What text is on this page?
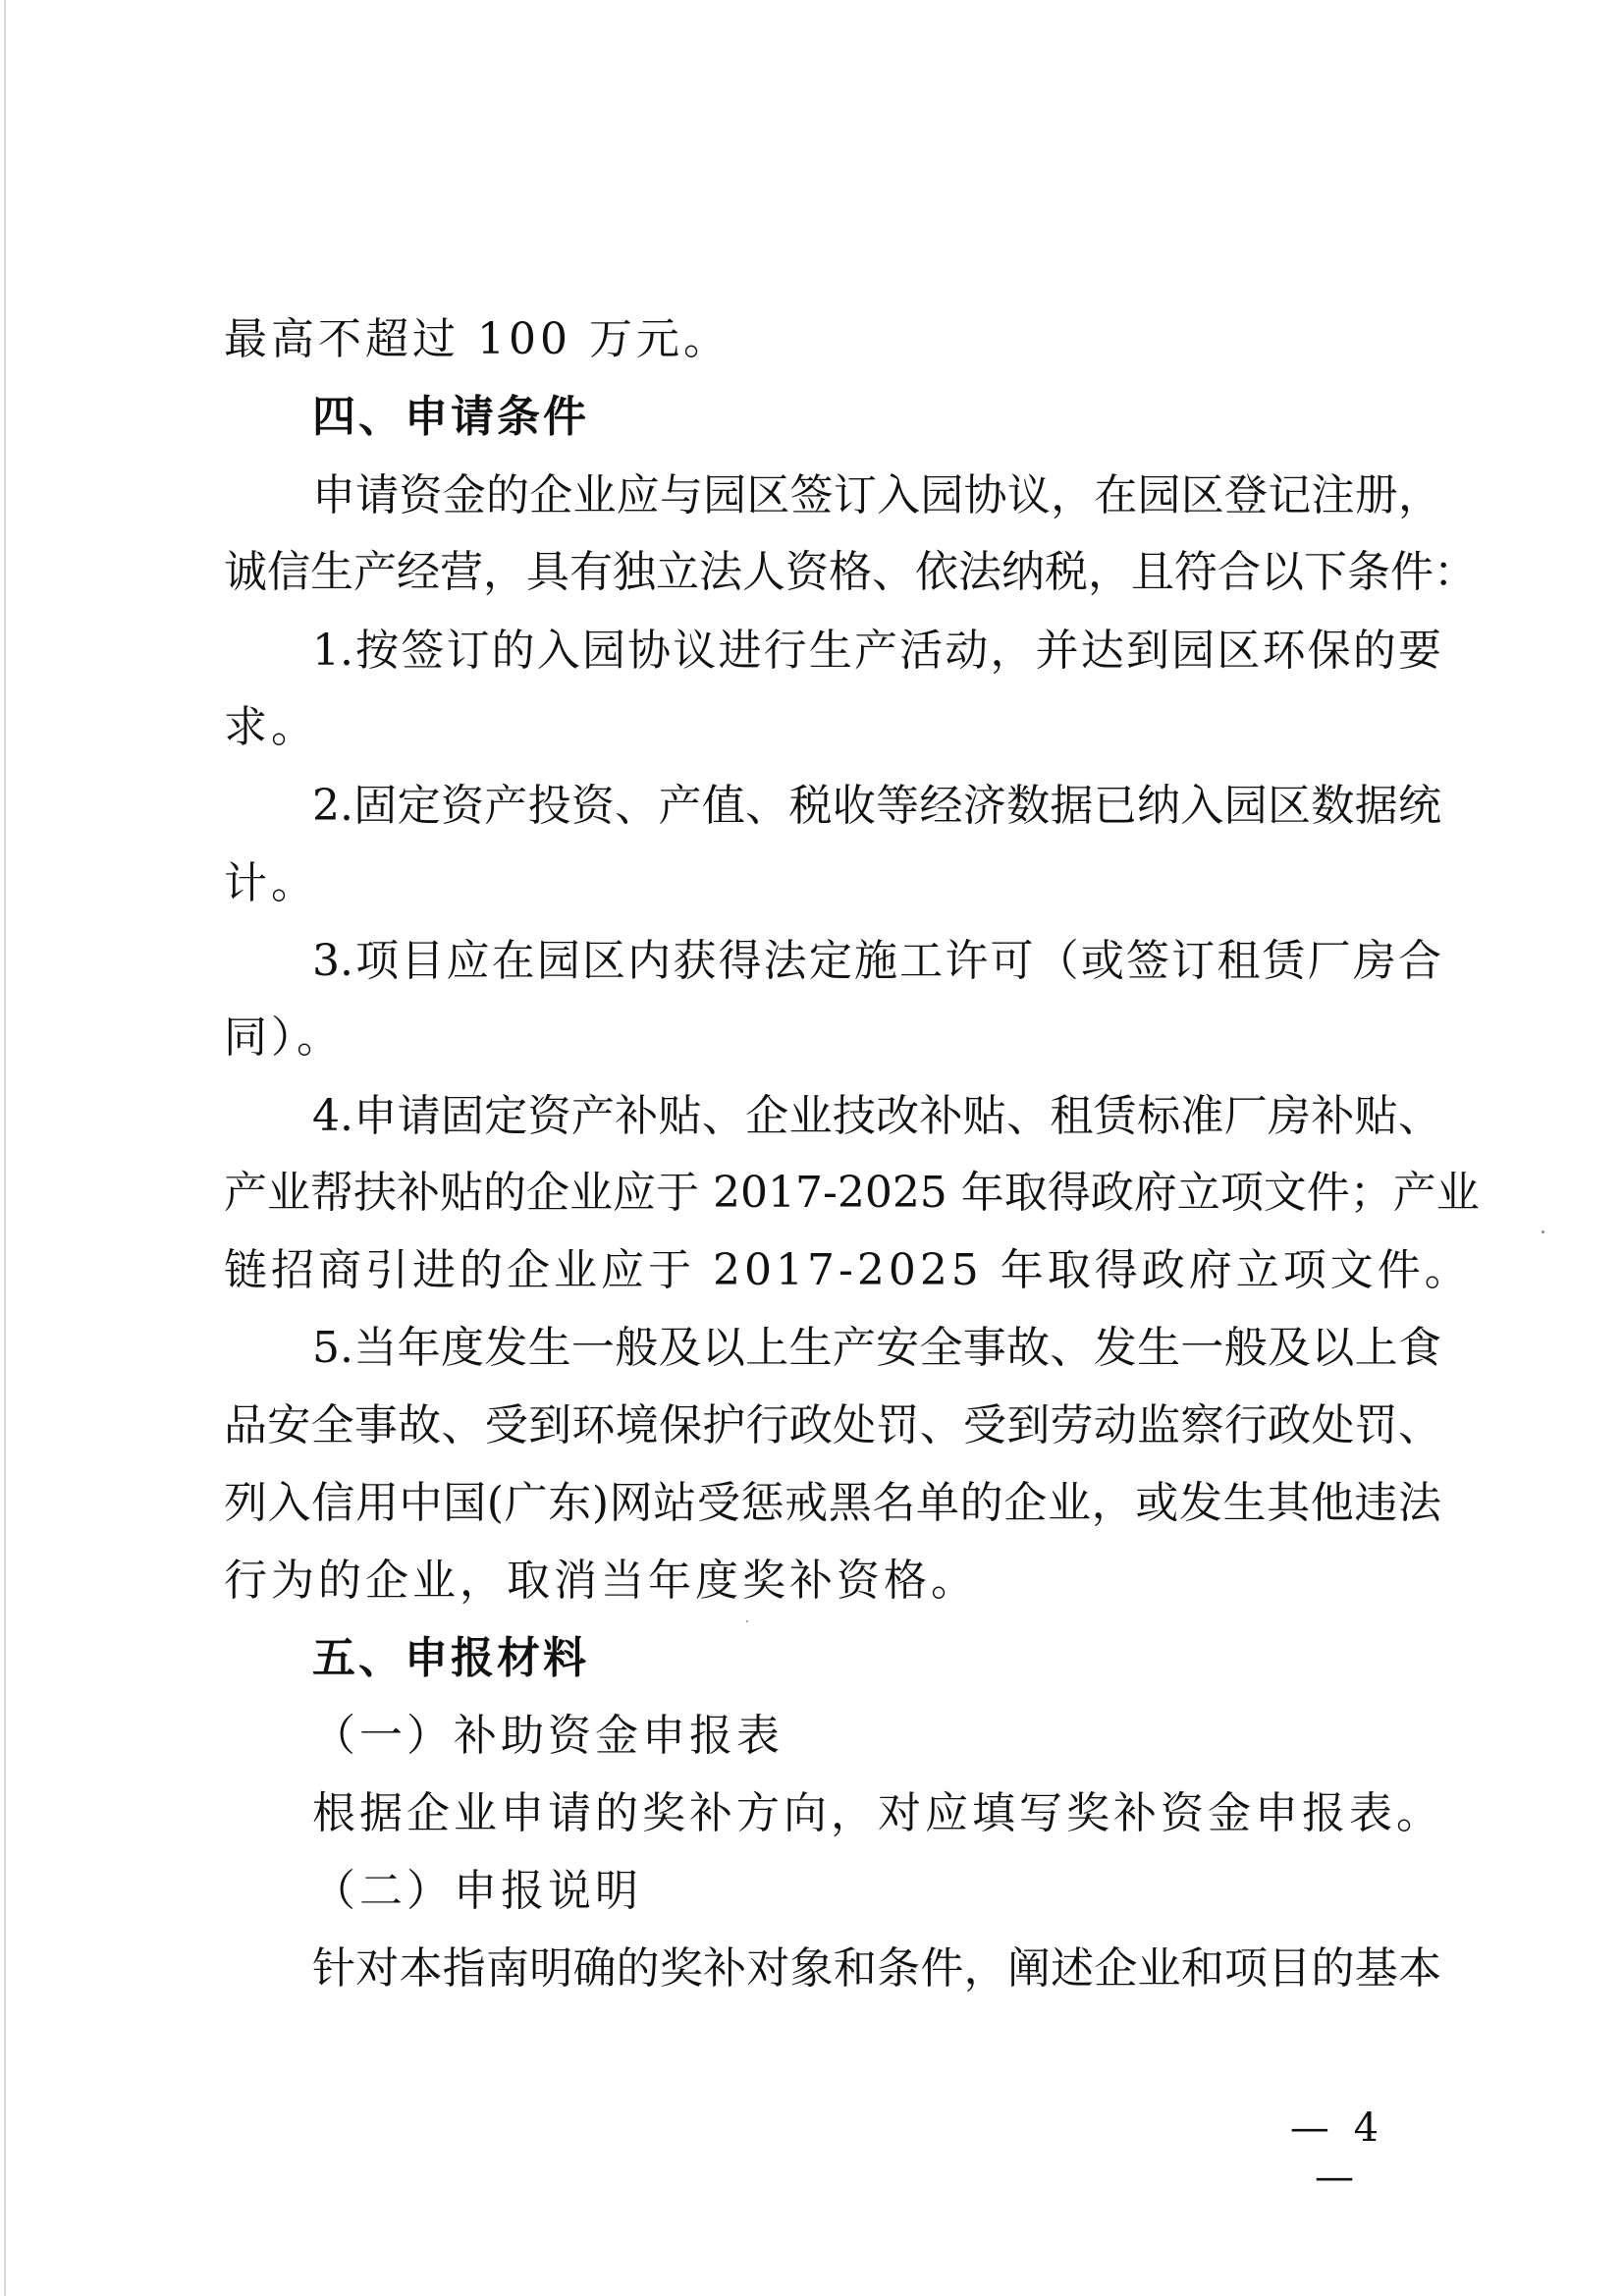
最高不超过 100 万元。
四、申请条件
申请资金的企业应与园区签订入园协议，在园区登记注册，
诚信生产经营，具有独立法人资格、依法纳税，且符合以下条件：
1.按签订的入园协议进行生产活动，并达到园区环保的要
求。
2.固定资产投资、产值、税收等经济数据已纳入园区数据统
计。
3.项目应在园区内获得法定施工许可（或签订租赁厂房合
同）。
4.申请固定资产补贴、企业技改补贴、租赁标准厂房补贴、
产业帮扶补贴的企业应于 2017-2025 年取得政府立项文件；产业
链招商引进的企业应于 2017-2025 年取得政府立项文件。
5.当年度发生一般及以上生产安全事故、发生一般及以上食
品安全事故、受到环境保护行政处罚、受到劳动监察行政处罚、
列入信用中国(广东)网站受惩戒黑名单的企业，或发生其他违法
行为的企业，取消当年度奖补资格。
五、申报材料
（一）补助资金申报表
根据企业申请的奖补方向，对应填写奖补资金申报表。
（二）申报说明
针对本指南明确的奖补对象和条件，阐述企业和项目的基本
— 4 —
